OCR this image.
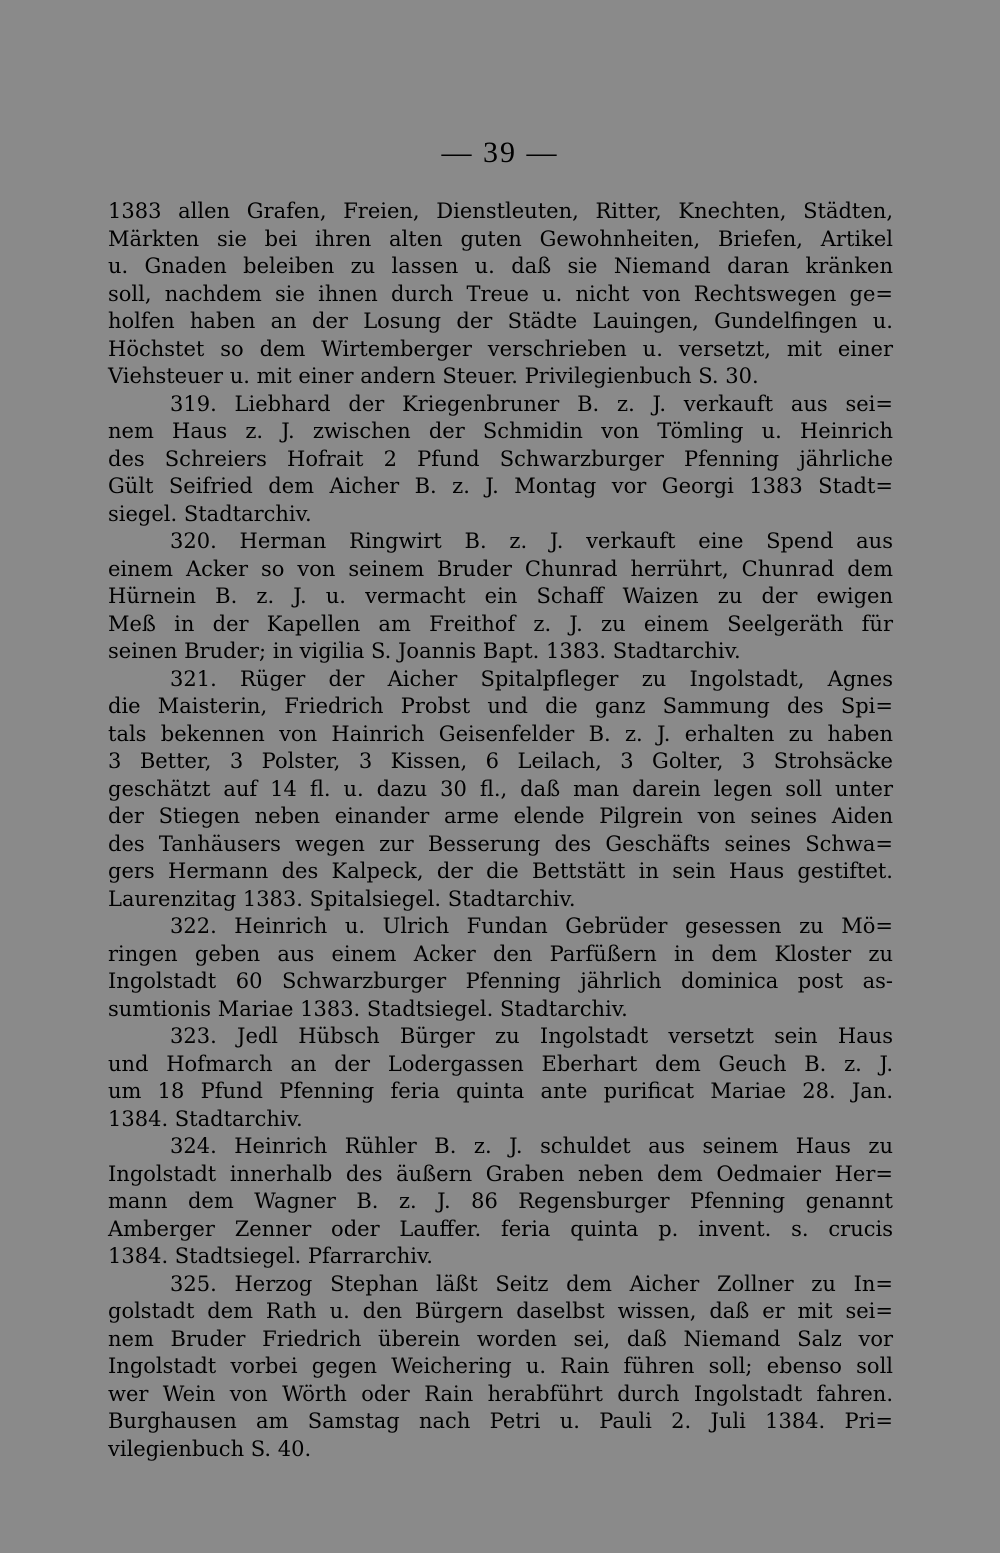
— 39 —
1383 allen Grafen, Freien, Dienstleuten, Ritter, Knechten, Städten,
Märkten sie bei ihren alten guten Gewohnheiten, Briefen, Artikel
u. Gnaden beleiben zu lassen u. daß sie Niemand daran kränken
soll, nachdem sie ihnen durch Treue u. nicht von Rechtswegen ge=
holfen haben an der Losung der Städte Lauingen, Gundelfingen u.
Höchstet so dem Wirtemberger verschrieben u. versetzt, mit einer
Viehsteuer u. mit einer andern Steuer. Privilegienbuch S. 30.
319. Liebhard der Kriegenbruner B. z. J. verkauft aus sei=
nem Haus z. J. zwischen der Schmidin von Tömling u. Heinrich
des Schreiers Hofrait 2 Pfund Schwarzburger Pfenning jährliche
Gült Seifried dem Aicher B. z. J. Montag vor Georgi 1383 Stadt=
siegel. Stadtarchiv.
320. Herman Ringwirt B. z. J. verkauft eine Spend aus
einem Acker so von seinem Bruder Chunrad herrührt, Chunrad dem
Hürnein B. z. J. u. vermacht ein Schaff Waizen zu der ewigen
Meß in der Kapellen am Freithof z. J. zu einem Seelgeräth für
seinen Bruder; in vigilia S. Joannis Bapt. 1383. Stadtarchiv.
321. Rüger der Aicher Spitalpfleger zu Ingolstadt, Agnes
die Maisterin, Friedrich Probst und die ganz Sammung des Spi=
tals bekennen von Hainrich Geisenfelder B. z. J. erhalten zu haben
3 Better, 3 Polster, 3 Kissen, 6 Leilach, 3 Golter, 3 Strohsäcke
geschätzt auf 14 fl. u. dazu 30 fl., daß man darein legen soll unter
der Stiegen neben einander arme elende Pilgrein von seines Aiden
des Tanhäusers wegen zur Besserung des Geschäfts seines Schwa=
gers Hermann des Kalpeck, der die Bettstätt in sein Haus gestiftet.
Laurenzitag 1383. Spitalsiegel. Stadtarchiv.
322. Heinrich u. Ulrich Fundan Gebrüder gesessen zu Mö=
ringen geben aus einem Acker den Parfüßern in dem Kloster zu
Ingolstadt 60 Schwarzburger Pfenning jährlich dominica post as-
sumtionis Mariae 1383. Stadtsiegel. Stadtarchiv.
323. Jedl Hübsch Bürger zu Ingolstadt versetzt sein Haus
und Hofmarch an der Lodergassen Eberhart dem Geuch B. z. J.
um 18 Pfund Pfenning feria quinta ante purificat Mariae 28. Jan.
1384. Stadtarchiv.
324. Heinrich Rühler B. z. J. schuldet aus seinem Haus zu
Ingolstadt innerhalb des äußern Graben neben dem Oedmaier Her=
mann dem Wagner B. z. J. 86 Regensburger Pfenning genannt
Amberger Zenner oder Lauffer. feria quinta p. invent. s. crucis
1384. Stadtsiegel. Pfarrarchiv.
325. Herzog Stephan läßt Seitz dem Aicher Zollner zu In=
golstadt dem Rath u. den Bürgern daselbst wissen, daß er mit sei=
nem Bruder Friedrich überein worden sei, daß Niemand Salz vor
Ingolstadt vorbei gegen Weichering u. Rain führen soll; ebenso soll
wer Wein von Wörth oder Rain herabführt durch Ingolstadt fahren.
Burghausen am Samstag nach Petri u. Pauli 2. Juli 1384. Pri=
vilegienbuch S. 40.
